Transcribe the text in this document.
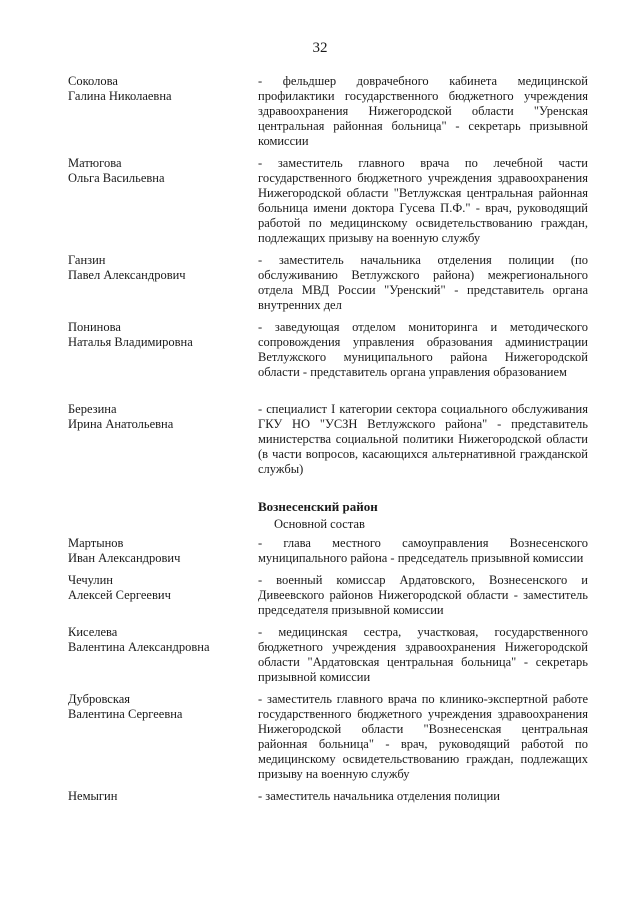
32
Соколова
Галина Николаевна
- фельдшер доврачебного кабинета медицинской профилактики государственного бюджетного учреждения здравоохранения Нижегородской области "Уренская центральная районная больница" - секретарь призывной комиссии
Матюгова
Ольга Васильевна
- заместитель главного врача по лечебной части государственного бюджетного учреждения здравоохранения Нижегородской области "Ветлужская центральная районная больница имени доктора Гусева П.Ф." - врач, руководящий работой по медицинскому освидетельствованию граждан, подлежащих призыву на военную службу
Ганзин
Павел Александрович
- заместитель начальника отделения полиции (по обслуживанию Ветлужского района) межрегионального отдела МВД России "Уренский" - представитель органа внутренних дел
Понинова
Наталья Владимировна
- заведующая отделом мониторинга и методического сопровождения управления образования администрации Ветлужского муниципального района Нижегородской области - представитель органа управления образованием
Березина
Ирина Анатольевна
- специалист I категории сектора социального обслуживания ГКУ НО "УСЗН Ветлужского района" - представитель министерства социальной политики Нижегородской области (в части вопросов, касающихся альтернативной гражданской службы)
Вознесенский район
Основной состав
Мартынов
Иван Александрович
- глава местного самоуправления Вознесенского муниципального района - председатель призывной комиссии
Чечулин
Алексей Сергеевич
- военный комиссар Ардатовского, Вознесенского и Дивеевского районов Нижегородской области - заместитель председателя призывной комиссии
Киселева
Валентина Александровна
- медицинская сестра, участковая, государственного бюджетного учреждения здравоохранения Нижегородской области "Ардатовская центральная больница" - секретарь призывной комиссии
Дубровская
Валентина Сергеевна
- заместитель главного врача по клинико-экспертной работе государственного бюджетного учреждения здравоохранения Нижегородской области "Вознесенская центральная районная больница" - врач, руководящий работой по медицинскому освидетельствованию граждан, подлежащих призыву на военную службу
Немыгин	- заместитель начальника отделения полиции
